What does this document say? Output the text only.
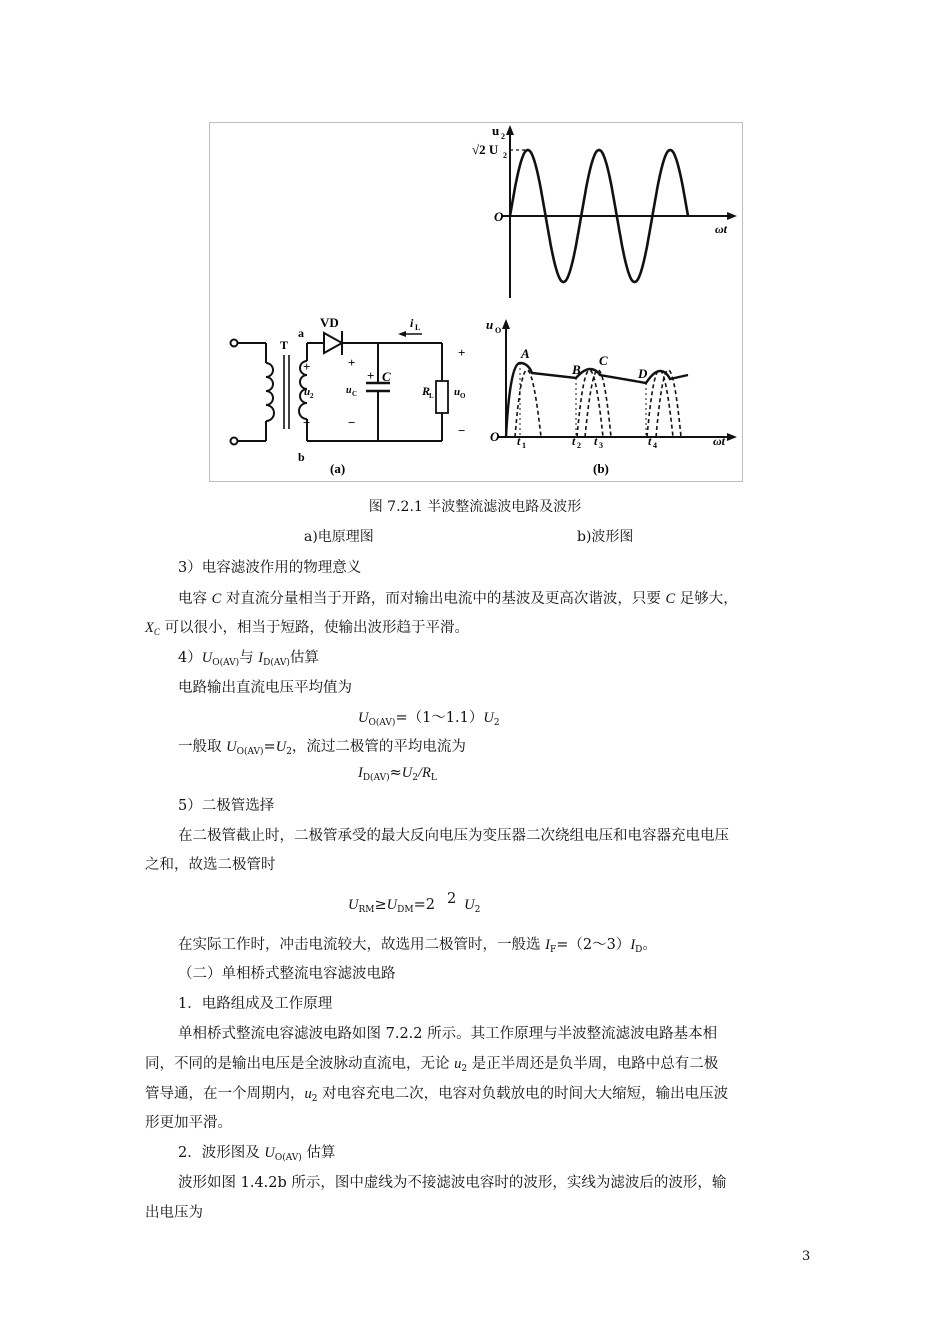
u 2
√2 U 2
O
ωt
u O
A
B
C
D
O t 1	t 2 t 3	t 4	ωt
(b)
VD	i L
T
a
b
+
u 2
−
+
u C
−
+ C
R
L
+
u O
−
(a)
图 7.2.1 半波整流滤波电路及波形
a)电原理图	b)波形图
3）电容滤波作用的物理意义
电容 C 对直流分量相当于开路，而对输出电流中的基波及更高次谐波，只要 C 足够大，
$X_C$ 可以很小，相当于短路，使输出波形趋于平滑。
$4)U_{O(AV)}$与 $I_{D(AV)}$估算
电路输出直流电压平均值为
$U_{O(AV)}=(1\sim 1.1)U_2$
一般取 $U_{O(AV)}=U_2$，流过二极管的平均电流为
$I_{D(AV)}\approx U_2/R_L$
5）二极管选择
在二极管截止时，二极管承受的最大反向电压为变压器二次绕组电压和电容器充电电压
之和，故选二极管时
$U_{RM}\ge U_{DM}=2$ 2 $U_2$
在实际工作时，冲击电流较大，故选用二极管时，一般选 $I_F=(2\sim 3)I_D$。
（二）单相桥式整流电容滤波电路
1．电路组成及工作原理
单相桥式整流电容滤波电路如图 7.2.2 所示。其工作原理与半波整流滤波电路基本相
同，不同的是输出电压是全波脉动直流电，无论 $u_2$ 是正半周还是负半周，电路中总有二极
管导通，在一个周期内，$u_2$ 对电容充电二次，电容对负载放电的时间大大缩短，输出电压波
形更加平滑。
2．波形图及 $U_{O(AV)}$ 估算
波形如图 1.4.2b 所示，图中虚线为不接滤波电容时的波形，实线为滤波后的波形，输
出电压为
3
